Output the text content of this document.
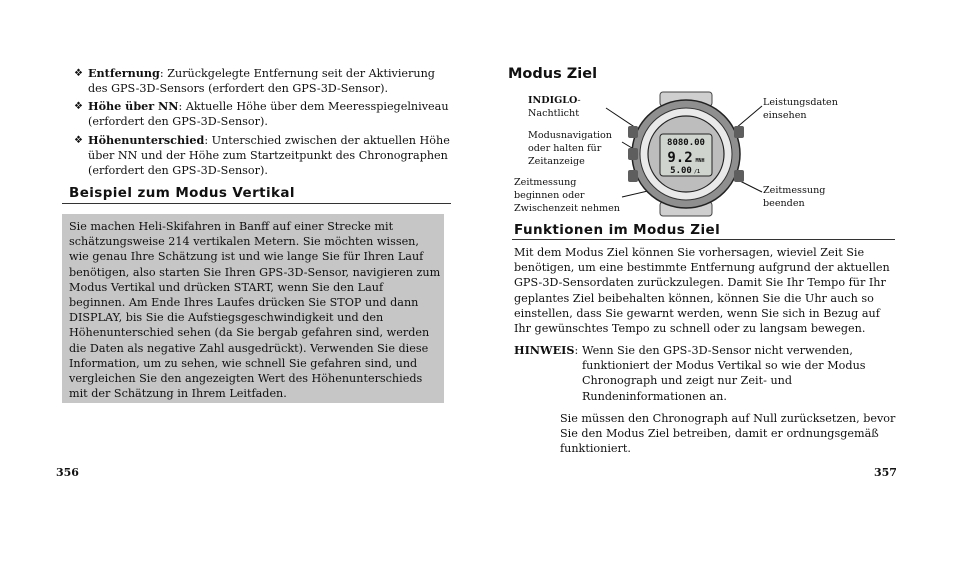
❖ Entfernung: Zurückgelegte Entfernung seit der Aktivierung des GPS-3D-Sensors (erfordert den GPS-3D-Sensor).
❖ Höhe über NN: Aktuelle Höhe über dem Meeresspiegelniveau (erfordert den GPS-3D-Sensor).
❖ Höhenunterschied: Unterschied zwischen der aktuellen Höhe über NN und der Höhe zum Startzeitpunkt des Chronographen (erfordert den GPS-3D-Sensor).
Beispiel zum Modus Vertikal

Sie machen Heli-Skifahren in Banff auf einer Strecke mit schätzungsweise 214 vertikalen Metern. Sie möchten wissen, wie genau Ihre Schätzung ist und wie lange Sie für Ihren Lauf benötigen, also starten Sie Ihren GPS-3D-Sensor, navigieren zum Modus Vertikal und drücken START, wenn Sie den Lauf beginnen. Am Ende Ihres Laufes drücken Sie STOP und dann DISPLAY, bis Sie die Aufstiegsgeschwindigkeit und den Höhenunterschied sehen (da Sie bergab gefahren sind, werden die Daten als negative Zahl ausgedrückt). Verwenden Sie diese Information, um zu sehen, wie schnell Sie gefahren sind, und vergleichen Sie den angezeigten Wert des Höhenunterschieds mit der Schätzung in Ihrem Leitfaden.

356
Modus Ziel
INDIGLO-
Nachtlicht
Modusnavigation oder halten für Zeitanzeige
Zeitmessung beginnen oder Zwischenzeit nehmen
Leistungsdaten einsehen
Zeitmessung beenden
8080.00
9.2 MNH
5.00 /1
Funktionen im Modus Ziel

Mit dem Modus Ziel können Sie vorhersagen, wieviel Zeit Sie benötigen, um eine bestimmte Entfernung aufgrund der aktuellen GPS-3D-Sensordaten zurückzulegen. Damit Sie Ihr Tempo für Ihr geplantes Ziel beibehalten können, können Sie die Uhr auch so einstellen, dass Sie gewarnt werden, wenn Sie sich in Bezug auf Ihr gewünschtes Tempo zu schnell oder zu langsam bewegen.

HINWEIS: Wenn Sie den GPS-3D-Sensor nicht verwenden, funktioniert der Modus Vertikal so wie der Modus Chronograph und zeigt nur Zeit- und Rundeninformationen an.

Sie müssen den Chronograph auf Null zurücksetzen, bevor Sie den Modus Ziel betreiben, damit er ordnungsgemäß funktioniert.

357
